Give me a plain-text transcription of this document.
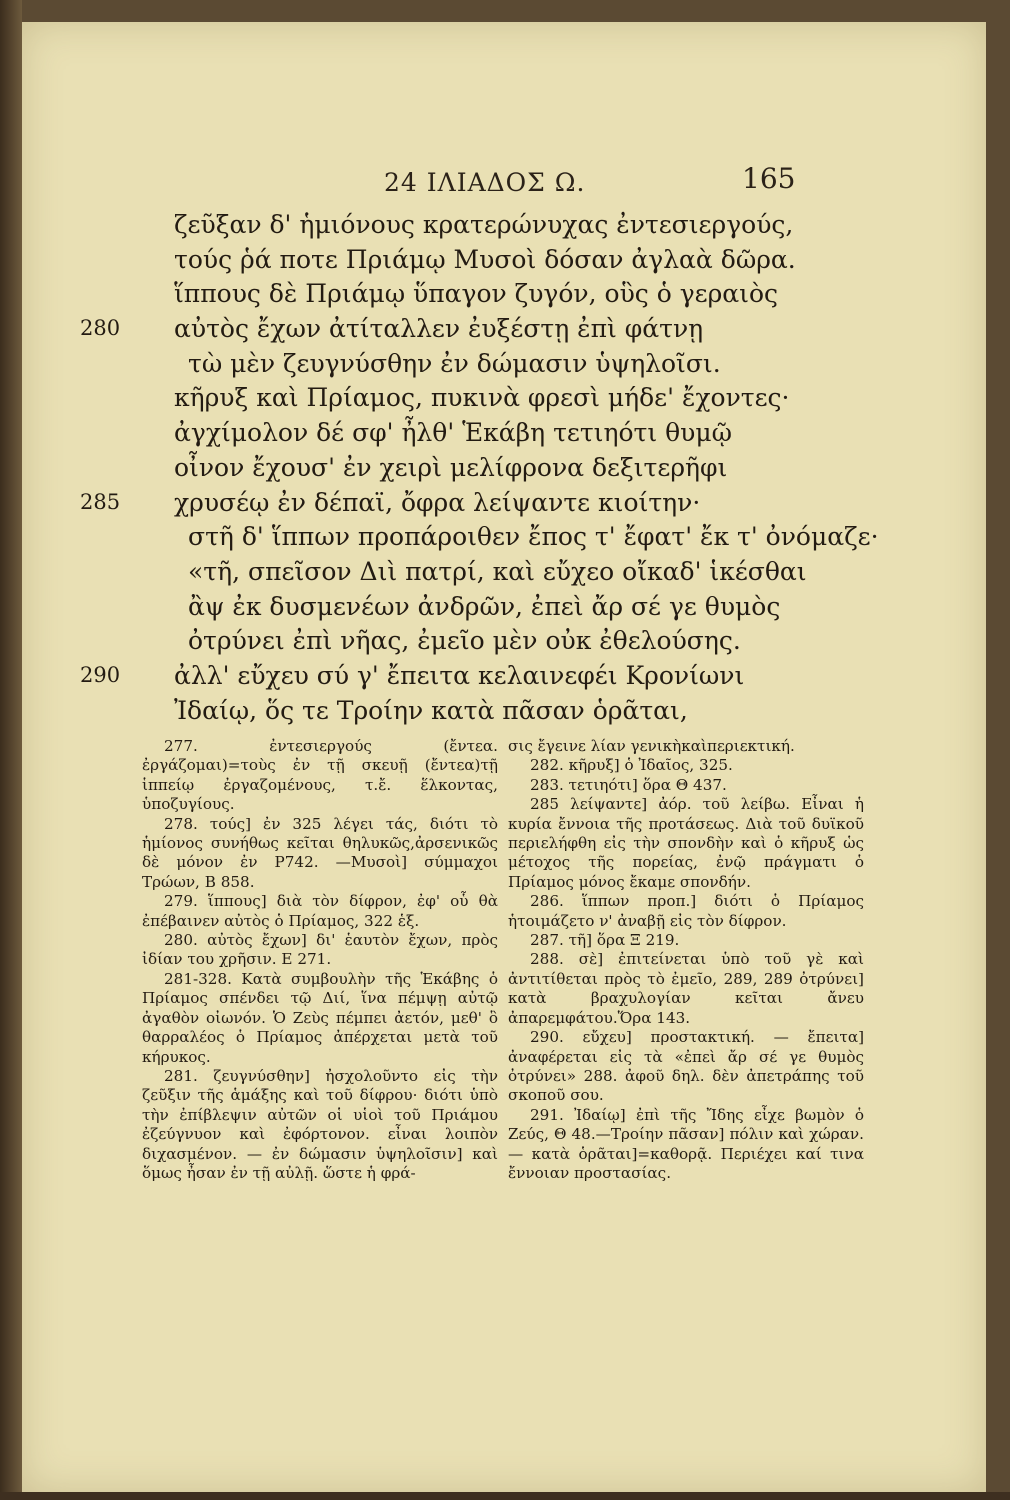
24 ΙΛΙΑΔΟΣ Ω.	165
ζεῦξαν δ' ἡμιόνους κρατερώνυχας ἐντεσιεργούς,
τούς ῥά ποτε Πριάμῳ Μυσοὶ δόσαν ἀγλαὰ δῶρα.
ἵππους δὲ Πριάμῳ ὕπαγον ζυγόν, οὓς ὁ γεραιὸς
280 αὐτὸς ἔχων ἀτίταλλεν ἐυξέστῃ ἐπὶ φάτνῃ
τὼ μὲν ζευγνύσθην ἐν δώμασιν ὑψηλοῖσι.
κῆρυξ καὶ Πρίαμος, πυκινὰ φρεσὶ μήδε' ἔχοντες·
ἀγχίμολον δέ σφ' ἦλθ' Ἑκάβη τετιηότι θυμῷ
οἶνον ἔχουσ' ἐν χειρὶ μελίφρονα δεξιτερῆφι
285 χρυσέῳ ἐν δέπαϊ, ὄφρα λείψαντε κιοίτην·
στῆ δ' ἵππων προπάροιθεν ἔπος τ' ἔφατ' ἔκ τ' ὀνόμαζε·
«τῆ, σπεῖσον Διὶ πατρί, καὶ εὔχεο οἴκαδ' ἱκέσθαι
ἂψ ἐκ δυσμενέων ἀνδρῶν, ἐπεὶ ἄρ σέ γε θυμὸς
ὀτρύνει ἐπὶ νῆας, ἐμεῖο μὲν οὐκ ἐθελούσης.
290 ἀλλ' εὔχευ σύ γ' ἔπειτα κελαινεφέι Κρονίωνι
Ἰδαίῳ, ὅς τε Τροίην κατὰ πᾶσαν ὁρᾶται,

277. ἐντεσιεργούς (ἔντεα. ἐργάζομαι)=τοὺς ἐν τῇ σκευῇ (ἔντεα)τῇ ἱππείῳ ἐργαζομένους, τ.ἔ. ἕλκοντας, ὑποζυγίους.

278. τούς] ἐν 325 λέγει τάς, διότι τὸ ἡμίονος συνήθως κεῖται θηλυκῶς,ἀρσενικῶς δὲ μόνον ἐν Ρ742. —Μυσοὶ] σύμμαχοι Τρώων, Β 858.

279. ἵππους] διὰ τὸν δίφρον, ἐφ' οὗ θὰ ἐπέβαινεν αὐτὸς ὁ Πρίαμος, 322 ἑξ.

280. αὐτὸς ἔχων] δι' ἑαυτὸν ἔχων, πρὸς ἰδίαν του χρῆσιν. Ε 271.

281-328. Κατὰ συμβουλὴν τῆς Ἑκάβης ὁ Πρίαμος σπένδει τῷ Διί, ἵνα πέμψῃ αὐτῷ ἀγαθὸν οἰωνόν. Ὁ Ζεὺς πέμπει ἀετόν, μεθ' ὃ θαρραλέος ὁ Πρίαμος ἀπέρχεται μετὰ τοῦ κήρυκος.

281. ζευγνύσθην] ἠσχολοῦντο εἰς τὴν ζεῦξιν τῆς ἁμάξης καὶ τοῦ δίφρου· διότι ὑπὸ τὴν ἐπίβλεψιν αὐτῶν οἱ υἱοὶ τοῦ Πριάμου ἐζεύγνυον καὶ ἐφόρτονον. εἶναι λοιπὸν διχασμένον. — ἐν δώμασιν ὑψηλοῖσιν] καὶ ὅμως ἦσαν ἐν τῇ αὐλῇ. ὥστε ἡ φρά-

σις ἔγεινε λίαν γενικὴκαὶπεριεκτική.

282. κῆρυξ] ὁ Ἰδαῖος, 325.

283. τετιηότι] ὅρα Θ 437.

285 λείψαντε] ἀόρ. τοῦ λείβω. Εἶναι ἡ κυρία ἔννοια τῆς προτάσεως. Διὰ τοῦ δυϊκοῦ περιελήφθη εἰς τὴν σπονδὴν καὶ ὁ κῆρυξ ὡς μέτοχος τῆς πορείας, ἐνῷ πράγματι ὁ Πρίαμος μόνος ἔκαμε σπονδήν.

286. ἵππων προπ.] διότι ὁ Πρίαμος ἡτοιμάζετο ν' ἀναβῇ εἰς τὸν δίφρον.

287. τῆ] ὅρα Ξ 219.

288. σὲ] ἐπιτείνεται ὑπὸ τοῦ γὲ καὶ ἀντιτίθεται πρὸς τὸ ἐμεῖο, 289, 289 ὀτρύνει] κατὰ βραχυλογίαν κεῖται ἄνευ ἀπαρεμφάτου.Ὅρα 143.

290. εὔχευ] προστακτική. — ἔπειτα] ἀναφέρεται εἰς τὰ «ἐπεὶ ἄρ σέ γε θυμὸς ὀτρύνει» 288. ἀφοῦ δηλ. δὲν ἀπετράπης τοῦ σκοποῦ σου.

291. Ἰδαίῳ] ἐπὶ τῆς Ἴδης εἶχε βωμὸν ὁ Ζεύς, Θ 48.—Τροίην πᾶσαν] πόλιν καὶ χώραν.— κατὰ ὁρᾶται]=καθορᾷ. Περιέχει καί τινα ἔννοιαν προστασίας.
